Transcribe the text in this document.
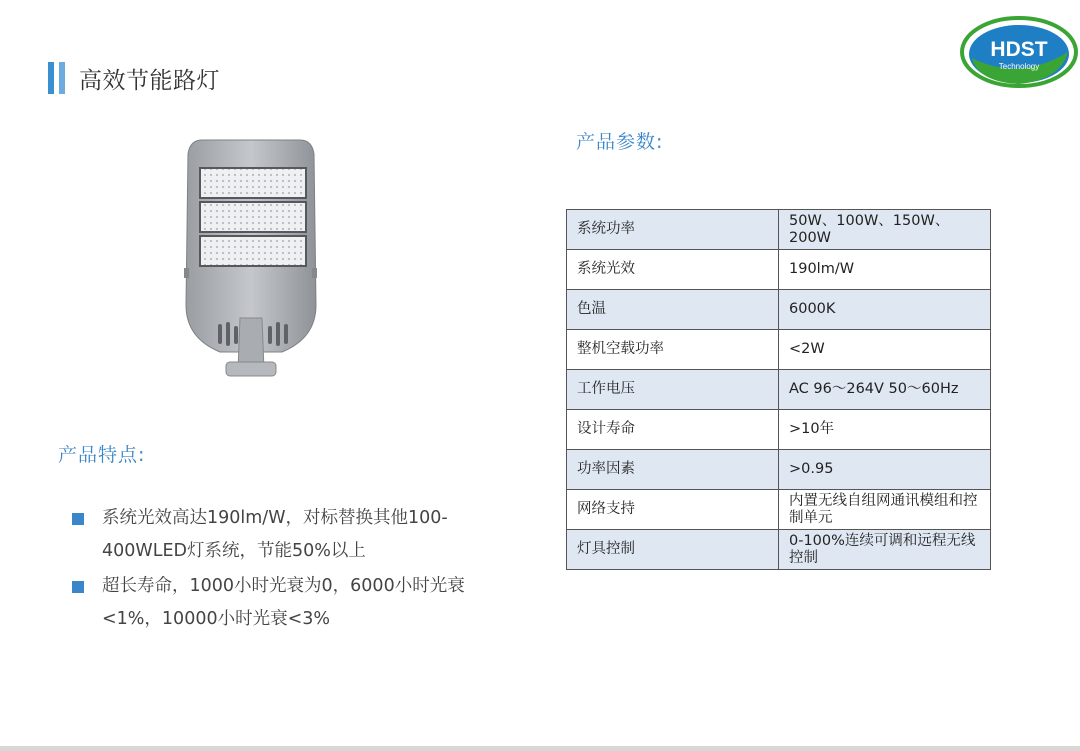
高效节能路灯
HDST
Technology
产品参数:
系统功率	50W、100W、150W、200W
系统光效	190lm/W
色温	6000K
整机空载功率	<2W
工作电压	AC 96～264V 50～60Hz
设计寿命	>10年
功率因素	>0.95
网络支持	内置无线自组网通讯模组和控制单元
灯具控制	0-100%连续可调和远程无线控制
产品特点:
系统光效高达190lm/W，对标替换其他100-400WLED灯系统，节能50%以上
超长寿命，1000小时光衰为0，6000小时光衰<1%，10000小时光衰<3%
